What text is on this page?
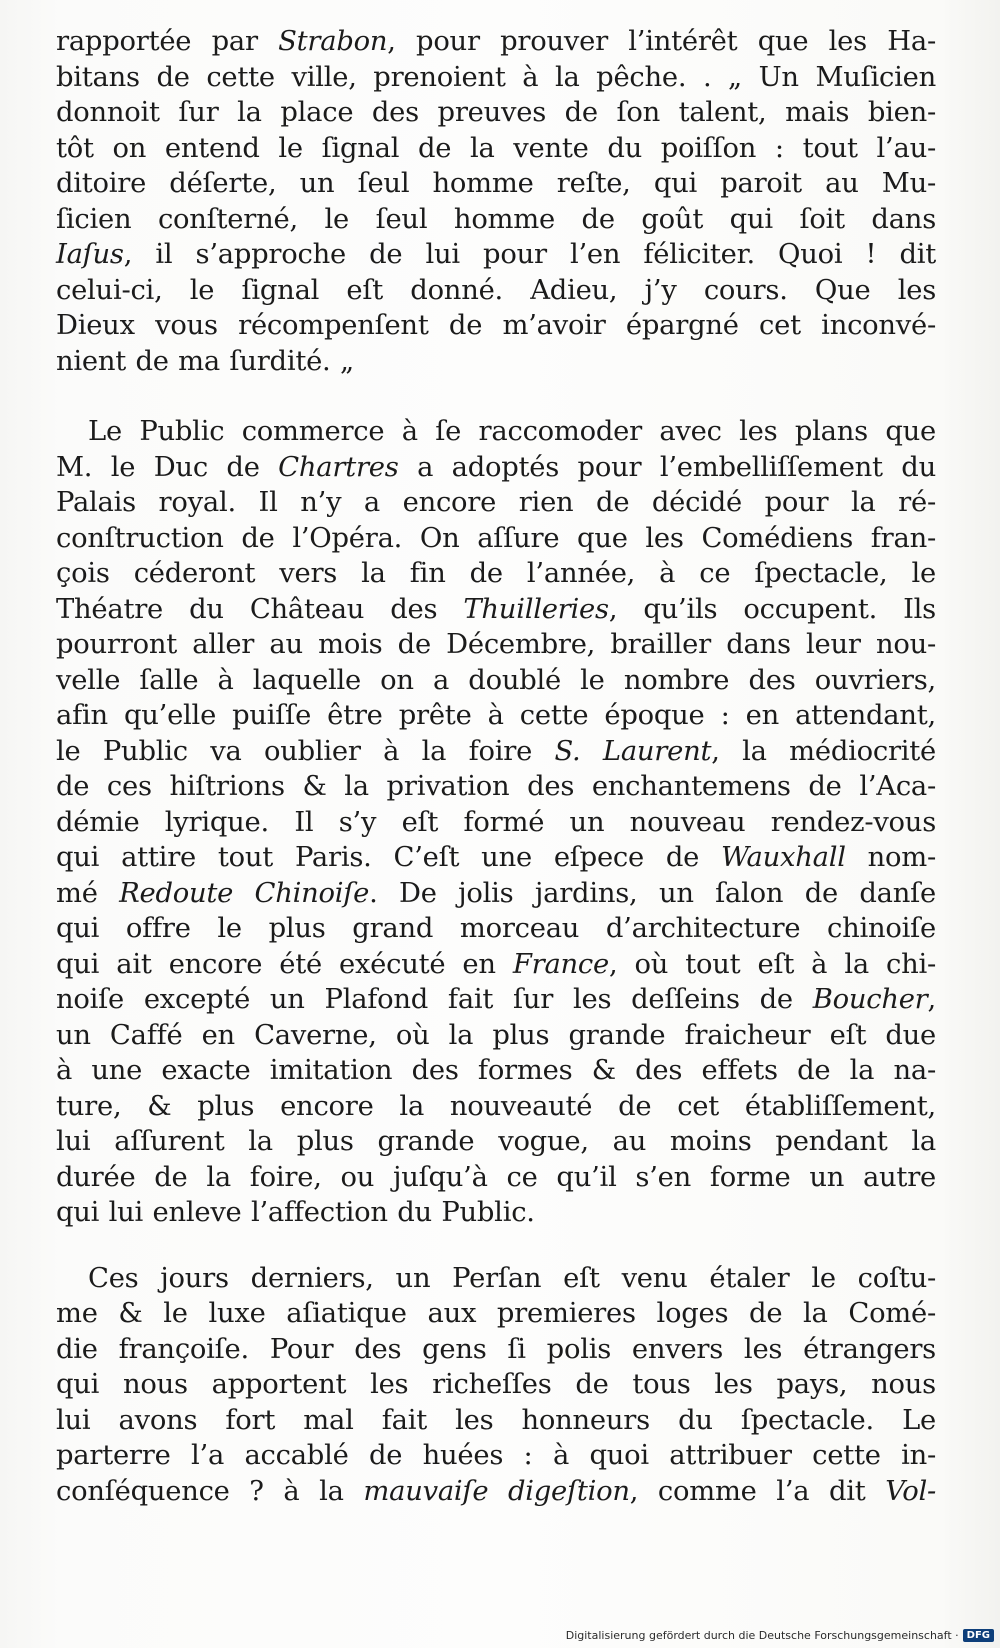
rapportée par Strabon, pour prouver l’intérêt que les Ha-
bitans de cette ville, prenoient à la pêche. . „ Un Muſicien
donnoit ſur la place des preuves de ſon talent, mais bien-
tôt on entend le ſignal de la vente du poiſſon : tout l’au-
ditoire déſerte, un ſeul homme reſte, qui paroit au Mu-
ſicien conſterné, le ſeul homme de goût qui ſoit dans
Iaſus, il s’approche de lui pour l’en féliciter. Quoi ! dit
celui-ci, le ſignal eſt donné. Adieu, j’y cours. Que les
Dieux vous récompenſent de m’avoir épargné cet inconvé-
nient de ma ſurdité. „
Le Public commerce à ſe raccomoder avec les plans que
M. le Duc de Chartres a adoptés pour l’embelliſſement du
Palais royal. Il n’y a encore rien de décidé pour la ré-
conſtruction de l’Opéra. On aſſure que les Comédiens fran-
çois céderont vers la fin de l’année, à ce ſpectacle, le
Théatre du Château des Thuilleries, qu’ils occupent. Ils
pourront aller au mois de Décembre, brailler dans leur nou-
velle ſalle à laquelle on a doublé le nombre des ouvriers,
afin qu’elle puiſſe être prête à cette époque : en attendant,
le Public va oublier à la foire S. Laurent, la médiocrité
de ces hiſtrions & la privation des enchantemens de l’Aca-
démie lyrique. Il s’y eſt formé un nouveau rendez-vous
qui attire tout Paris. C’eſt une eſpece de Wauxhall nom-
mé Redoute Chinoiſe. De jolis jardins, un ſalon de danſe
qui offre le plus grand morceau d’architecture chinoiſe
qui ait encore été exécuté en France, où tout eſt à la chi-
noiſe excepté un Plafond fait ſur les deſſeins de Boucher,
un Caffé en Caverne, où la plus grande fraicheur eſt due
à une exacte imitation des formes & des effets de la na-
ture, & plus encore la nouveauté de cet établiſſement,
lui aſſurent la plus grande vogue, au moins pendant la
durée de la foire, ou juſqu’à ce qu’il s’en forme un autre
qui lui enleve l’affection du Public.
Ces jours derniers, un Perſan eſt venu étaler le coſtu-
me & le luxe aſiatique aux premieres loges de la Comé-
die françoiſe. Pour des gens ſi polis envers les étrangers
qui nous apportent les richeſſes de tous les pays, nous
lui avons fort mal fait les honneurs du ſpectacle. Le
parterre l’a accablé de huées : à quoi attribuer cette in-
conſéquence ? à la mauvaiſe digeſtion, comme l’a dit Vol-
Digitalisierung gefördert durch die Deutsche Forschungsgemeinschaft · DFG
